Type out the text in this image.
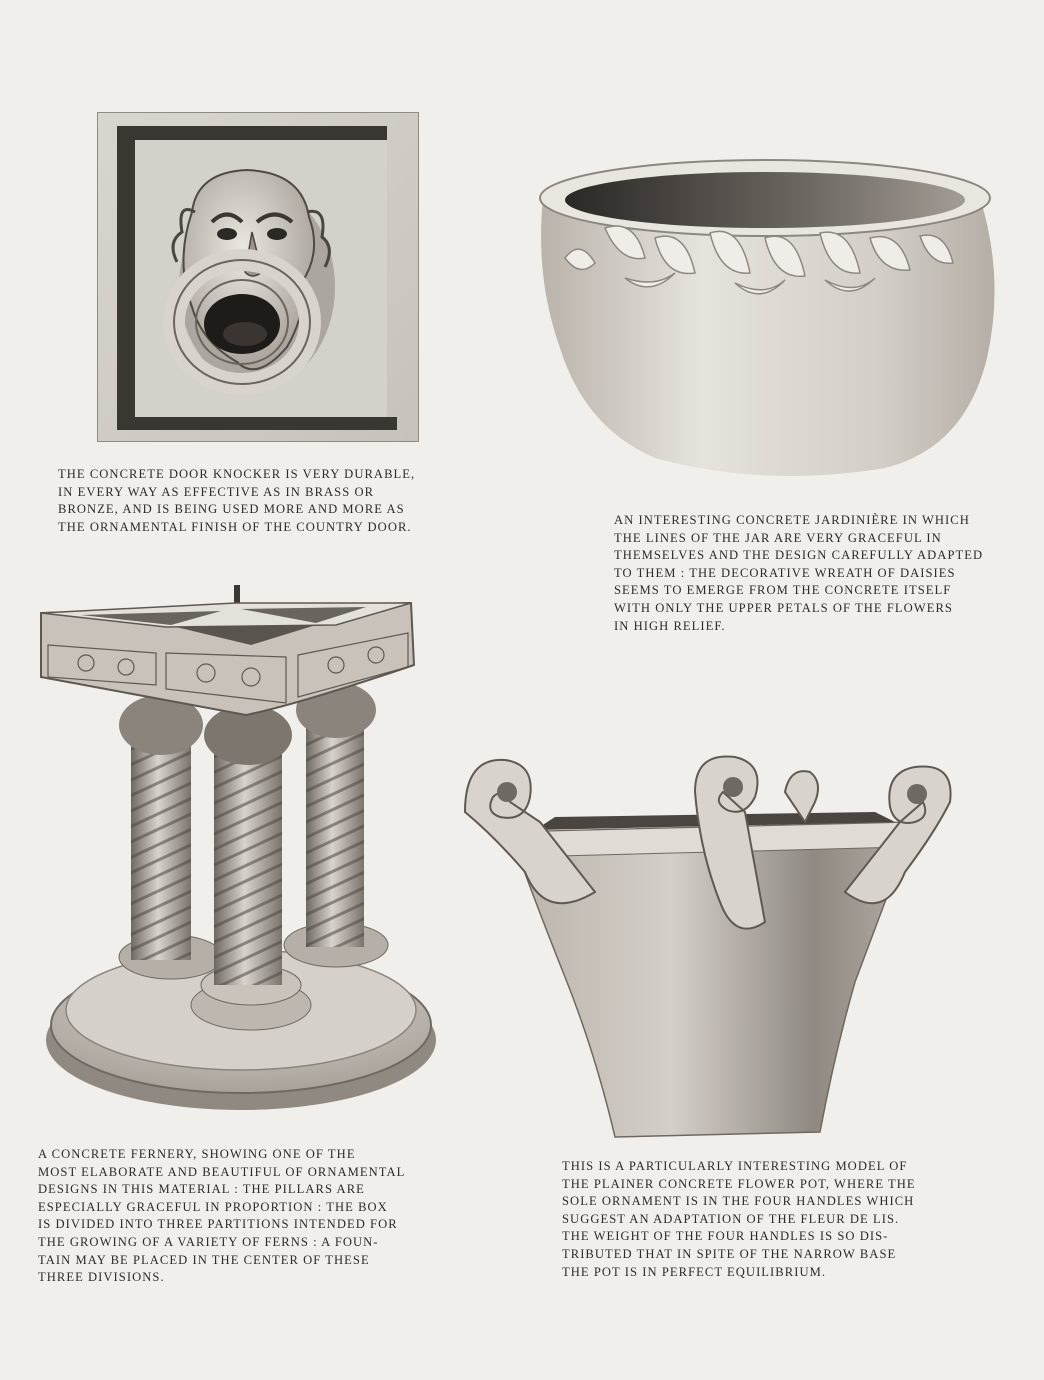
THE CONCRETE DOOR KNOCKER IS VERY DURABLE,
IN EVERY WAY AS EFFECTIVE AS IN BRASS OR
BRONZE, AND IS BEING USED MORE AND MORE AS
THE ORNAMENTAL FINISH OF THE COUNTRY DOOR.	AN INTERESTING CONCRETE JARDINIÈRE IN WHICH
THE LINES OF THE JAR ARE VERY GRACEFUL IN
THEMSELVES AND THE DESIGN CAREFULLY ADAPTED
TO THEM : THE DECORATIVE WREATH OF DAISIES
SEEMS TO EMERGE FROM THE CONCRETE ITSELF
WITH ONLY THE UPPER PETALS OF THE FLOWERS
IN HIGH RELIEF.

A CONCRETE FERNERY, SHOWING ONE OF THE
MOST ELABORATE AND BEAUTIFUL OF ORNAMENTAL
DESIGNS IN THIS MATERIAL : THE PILLARS ARE
ESPECIALLY GRACEFUL IN PROPORTION : THE BOX
IS DIVIDED INTO THREE PARTITIONS INTENDED FOR
THE GROWING OF A VARIETY OF FERNS : A FOUN-
TAIN MAY BE PLACED IN THE CENTER OF THESE
THREE DIVISIONS.

THIS IS A PARTICULARLY INTERESTING MODEL OF
THE PLAINER CONCRETE FLOWER POT, WHERE THE
SOLE ORNAMENT IS IN THE FOUR HANDLES WHICH
SUGGEST AN ADAPTATION OF THE FLEUR DE LIS.
THE WEIGHT OF THE FOUR HANDLES IS SO DIS-
TRIBUTED THAT IN SPITE OF THE NARROW BASE
THE POT IS IN PERFECT EQUILIBRIUM.
